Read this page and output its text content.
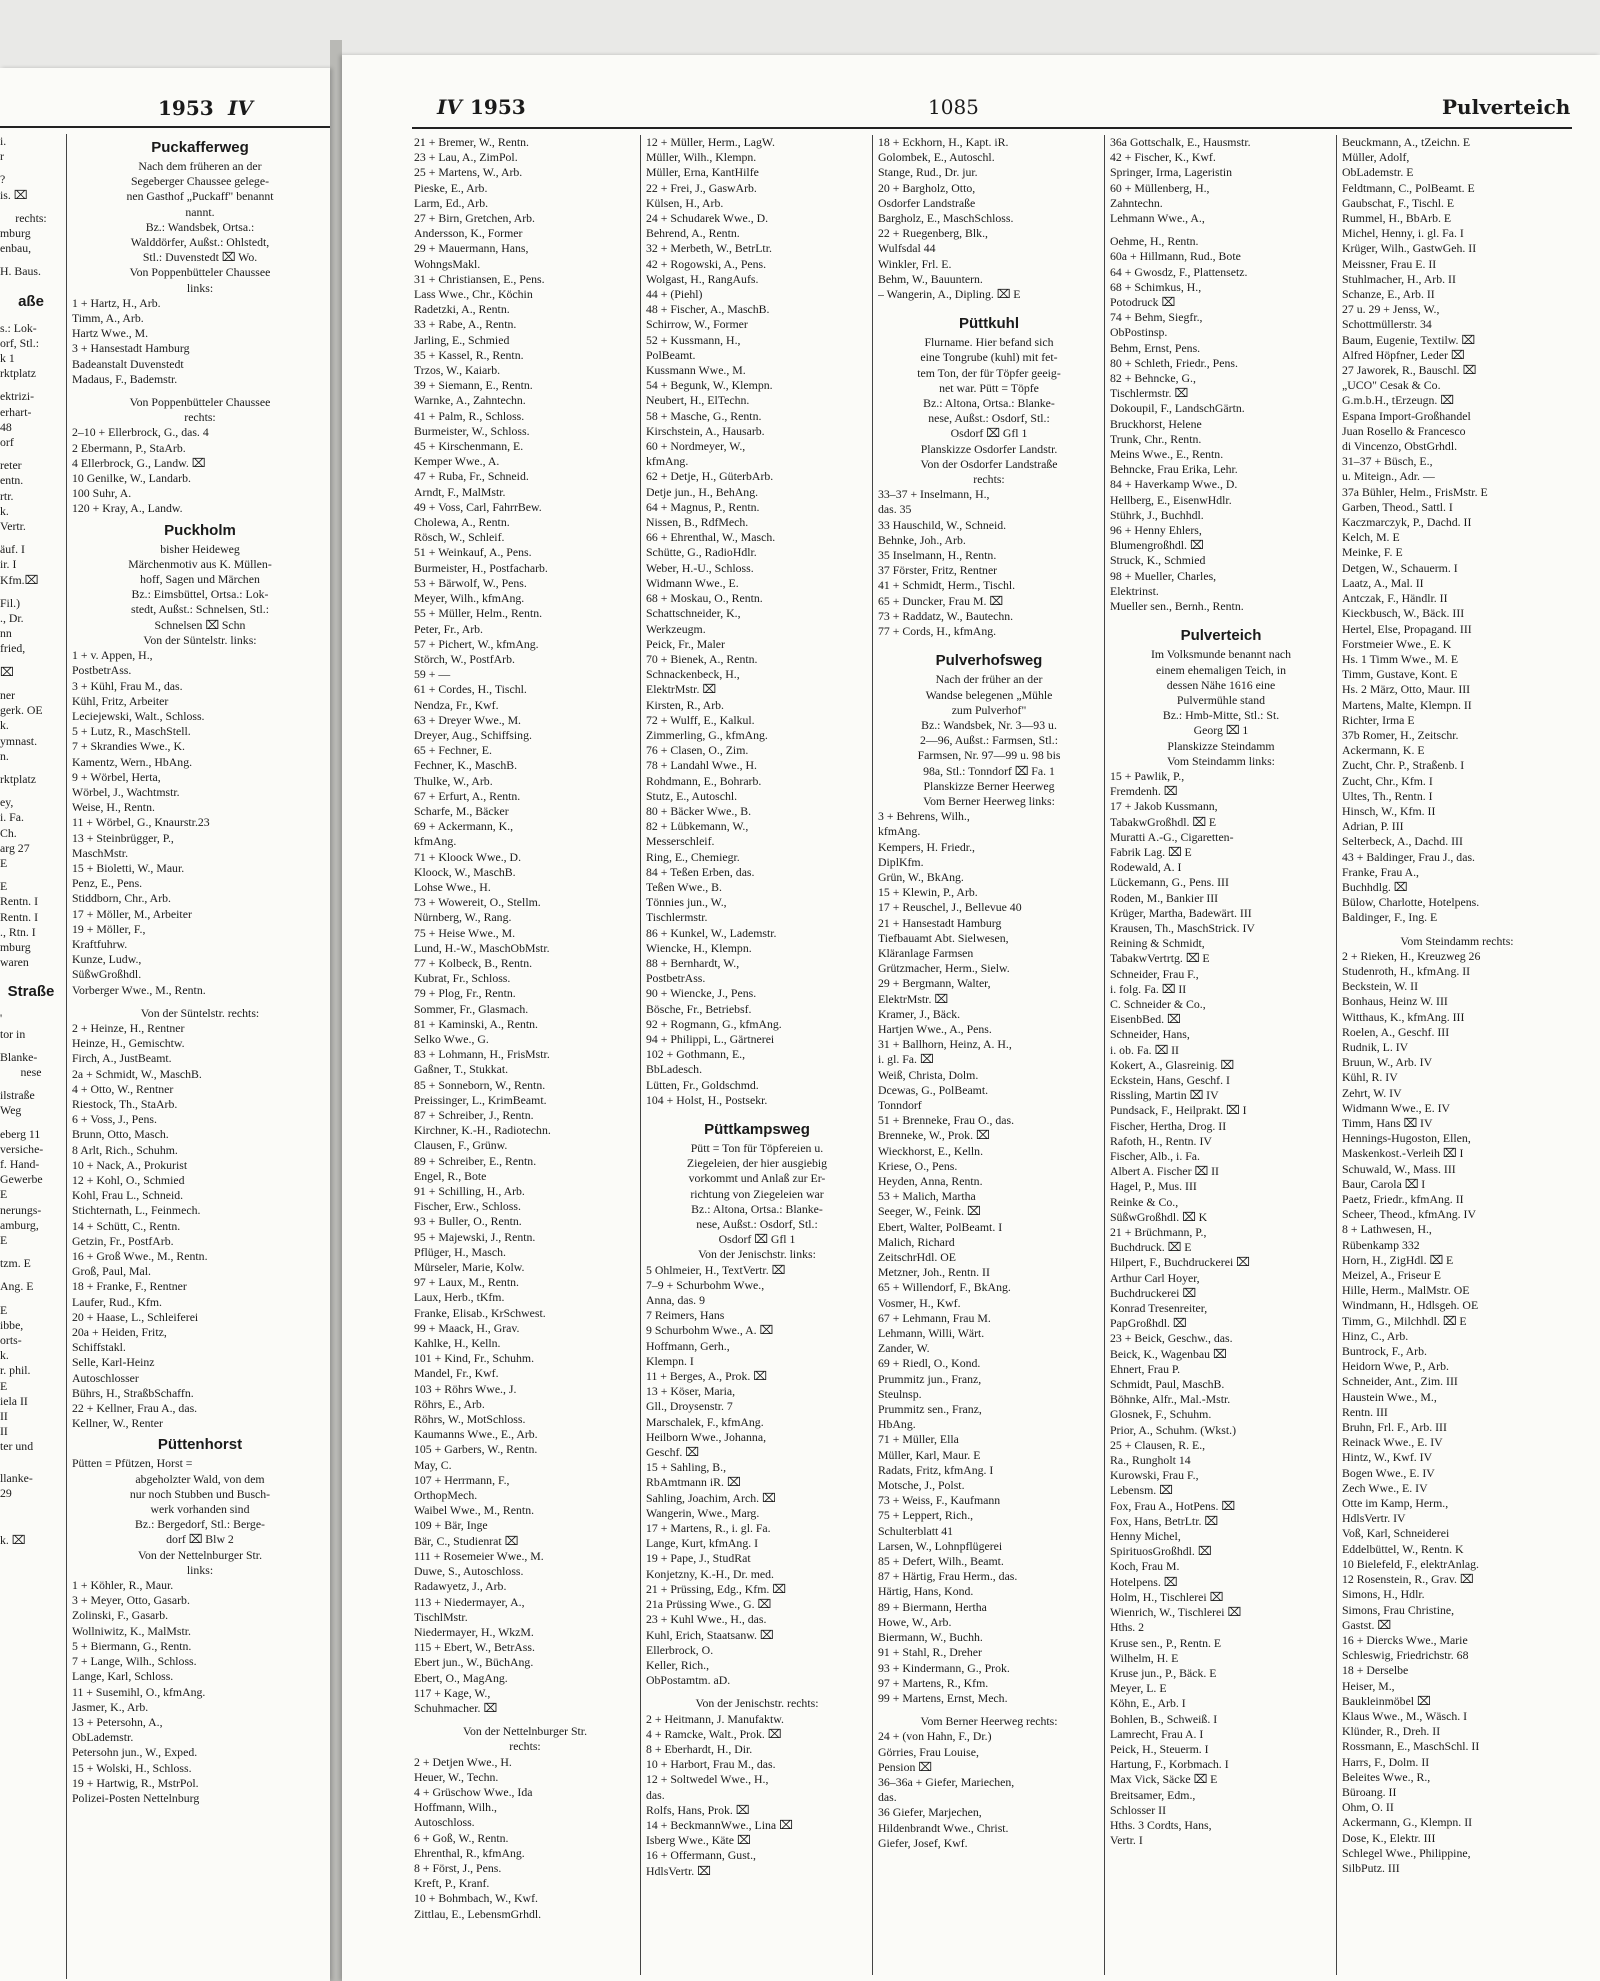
1953 IV
i.
r
?
is. ⌧
rechts:
mburg
enbau,
H. Baus.
aße
s.: Lok-
orf, Stl.:
k 1
rktplatz
ektrizi-
erhart-
48
orf
reter
entn.
rtr.
k.
Vertr.
äuf. I
ir. I
Kfm.⌧
Fil.)
., Dr.
nn
fried,
⌧
ner
gerk. OE
k.
ymnast.
n.
rktplatz
ey,
i. Fa.
Ch.
arg 27
E
E
Rentn. I
Rentn. I
., Rtn. I
mburg
waren
Straße
'
tor in
Blanke-
nese
ilstraße
Weg
eberg 11
versiche-
f. Hand-
Gewerbe
E
nerungs-
amburg,
E
tzm. E
Ang. E
E
ibbe,
orts-
k.
r. phil.
E
iela II
II
II
ter und
llanke-
29
k. ⌧
Puckafferweg
Nach dem früheren an der
Segeberger Chaussee gelege-
nen Gasthof „Puckaff" benannt
nannt.
Bz.: Wandsbek, Ortsa.:
Walddörfer, Außst.: Ohlstedt,
Stl.: Duvenstedt ⌧ Wo.
Von Poppenbütteler Chaussee
links:
1 + Hartz, H., Arb.
Timm, A., Arb.
Hartz Wwe., M.
3 + Hansestadt Hamburg
Badeanstalt Duvenstedt
Madaus, F., Bademstr.
Von Poppenbütteler Chaussee
rechts:
2–10 + Ellerbrock, G., das. 4
2 Ebermann, P., StaArb.
4 Ellerbrock, G., Landw. ⌧
10 Genilke, W., Landarb.
100 Suhr, A.
120 + Kray, A., Landw.
Puckholm
bisher Heideweg
Märchenmotiv aus K. Müllen-
hoff, Sagen und Märchen
Bz.: Eimsbüttel, Ortsa.: Lok-
stedt, Außst.: Schnelsen, Stl.:
Schnelsen ⌧ Schn
Von der Süntelstr. links:
1 + v. Appen, H.,
PostbetrAss.
3 + Kühl, Frau M., das.
Kühl, Fritz, Arbeiter
Leciejewski, Walt., Schloss.
5 + Lutz, R., MaschStell.
7 + Skrandies Wwe., K.
Kamentz, Wern., HbAng.
9 + Wörbel, Herta,
Wörbel, J., Wachtmstr.
Weise, H., Rentn.
11 + Wörbel, G., Knaurstr.23
13 + Steinbrügger, P.,
MaschMstr.
15 + Bioletti, W., Maur.
Penz, E., Pens.
Stiddborn, Chr., Arb.
17 + Möller, M., Arbeiter
19 + Möller, F.,
Kraftfuhrw.
Kunze, Ludw.,
SüßwGroßhdl.
Vorberger Wwe., M., Rentn.
Von der Süntelstr. rechts:
2 + Heinze, H., Rentner
Heinze, H., Gemischtw.
Firch, A., JustBeamt.
2a + Schmidt, W., MaschB.
4 + Otto, W., Rentner
Riestock, Th., StaArb.
6 + Voss, J., Pens.
Brunn, Otto, Masch.
8 Arlt, Rich., Schuhm.
10 + Nack, A., Prokurist
12 + Kohl, O., Schmied
Kohl, Frau L., Schneid.
Stichternath, L., Feinmech.
14 + Schütt, C., Rentn.
Getzin, Fr., PostfArb.
16 + Groß Wwe., M., Rentn.
Groß, Paul, Mal.
18 + Franke, F., Rentner
Laufer, Rud., Kfm.
20 + Haase, L., Schleiferei
20a + Heiden, Fritz,
Schiffstakl.
Selle, Karl-Heinz
Autoschlosser
Bührs, H., StraßbSchaffn.
22 + Kellner, Frau A., das.
Kellner, W., Renter
Püttenhorst
Pütten = Pfützen, Horst =
abgeholzter Wald, von dem
nur noch Stubben und Busch-
werk vorhanden sind
Bz.: Bergedorf, Stl.: Berge-
dorf ⌧ Blw 2
Von der Nettelnburger Str.
links:
1 + Köhler, R., Maur.
3 + Meyer, Otto, Gasarb.
Zolinski, F., Gasarb.
Wollniwitz, K., MalMstr.
5 + Biermann, G., Rentn.
7 + Lange, Wilh., Schloss.
Lange, Karl, Schloss.
11 + Susemihl, O., kfmAng.
Jasmer, K., Arb.
13 + Petersohn, A.,
ObLademstr.
Petersohn jun., W., Exped.
15 + Wolski, H., Schloss.
19 + Hartwig, R., MstrPol.
Polizei-Posten Nettelnburg
IV 1953	1085	Pulverteich
21 + Bremer, W., Rentn.
23 + Lau, A., ZimPol.
25 + Martens, W., Arb.
Pieske, E., Arb.
Larm, Ed., Arb.
27 + Birn, Gretchen, Arb.
Andersson, K., Former
29 + Mauermann, Hans,
WohngsMakl.
31 + Christiansen, E., Pens.
Lass Wwe., Chr., Köchin
Radetzki, A., Rentn.
33 + Rabe, A., Rentn.
Jarling, E., Schmied
35 + Kassel, R., Rentn.
Trzos, W., Kaiarb.
39 + Siemann, E., Rentn.
Warnke, A., Zahntechn.
41 + Palm, R., Schloss.
Burmeister, W., Schloss.
45 + Kirschenmann, E.
Kemper Wwe., A.
47 + Ruba, Fr., Schneid.
Arndt, F., MalMstr.
49 + Voss, Carl, FahrrBew.
Cholewa, A., Rentn.
Rösch, W., Schleif.
51 + Weinkauf, A., Pens.
Burmeister, H., Postfacharb.
53 + Bärwolf, W., Pens.
Meyer, Wilh., kfmAng.
55 + Müller, Helm., Rentn.
Peter, Fr., Arb.
57 + Pichert, W., kfmAng.
Störch, W., PostfArb.
59 + —
61 + Cordes, H., Tischl.
Nendza, Fr., Kwf.
63 + Dreyer Wwe., M.
Dreyer, Aug., Schiffsing.
65 + Fechner, E.
Fechner, K., MaschB.
Thulke, W., Arb.
67 + Erfurt, A., Rentn.
Scharfe, M., Bäcker
69 + Ackermann, K.,
kfmAng.
71 + Kloock Wwe., D.
Kloock, W., MaschB.
Lohse Wwe., H.
73 + Wowereit, O., Stellm.
Nürnberg, W., Rang.
75 + Heise Wwe., M.
Lund, H.-W., MaschObMstr.
77 + Kolbeck, B., Rentn.
Kubrat, Fr., Schloss.
79 + Plog, Fr., Rentn.
Sommer, Fr., Glasmach.
81 + Kaminski, A., Rentn.
Selko Wwe., G.
83 + Lohmann, H., FrisMstr.
Gaßner, T., Stukkat.
85 + Sonneborn, W., Rentn.
Preissinger, L., KrimBeamt.
87 + Schreiber, J., Rentn.
Kirchner, K.-H., Radiotechn.
Clausen, F., Grünw.
89 + Schreiber, E., Rentn.
Engel, R., Bote
91 + Schilling, H., Arb.
Fischer, Erw., Schloss.
93 + Buller, O., Rentn.
95 + Majewski, J., Rentn.
Pflüger, H., Masch.
Mürseler, Marie, Kolw.
97 + Laux, M., Rentn.
Laux, Herb., tKfm.
Franke, Elisab., KrSchwest.
99 + Maack, H., Grav.
Kahlke, H., Kelln.
101 + Kind, Fr., Schuhm.
Mandel, Fr., Kwf.
103 + Röhrs Wwe., J.
Röhrs, E., Arb.
Röhrs, W., MotSchloss.
Kaumanns Wwe., E., Arb.
105 + Garbers, W., Rentn.
May, C.
107 + Herrmann, F.,
OrthopMech.
Waibel Wwe., M., Rentn.
109 + Bär, Inge
Bär, C., Studienrat ⌧
111 + Rosemeier Wwe., M.
Duwe, S., Autoschloss.
Radawyetz, J., Arb.
113 + Niedermayer, A.,
TischlMstr.
Niedermayer, H., WkzM.
115 + Ebert, W., BetrAss.
Ebert jun., W., BüchAng.
Ebert, O., MagAng.
117 + Kage, W.,
Schuhmacher. ⌧
Von der Nettelnburger Str.
rechts:
2 + Detjen Wwe., H.
Heuer, W., Techn.
4 + Grüschow Wwe., Ida
Hoffmann, Wilh.,
Autoschloss.
6 + Goß, W., Rentn.
Ehrenthal, R., kfmAng.
8 + Först, J., Pens.
Kreft, P., Kranf.
10 + Bohmbach, W., Kwf.
Zittlau, E., LebensmGrhdl.
12 + Müller, Herm., LagW.
Müller, Wilh., Klempn.
Müller, Erna, KantHilfe
22 + Frei, J., GaswArb.
Külsen, H., Arb.
24 + Schudarek Wwe., D.
Behrend, A., Rentn.
32 + Merbeth, W., BetrLtr.
42 + Rogowski, A., Pens.
Wolgast, H., RangAufs.
44 + (Piehl)
48 + Fischer, A., MaschB.
Schirrow, W., Former
52 + Kussmann, H.,
PolBeamt.
Kussmann Wwe., M.
54 + Begunk, W., Klempn.
Neubert, H., ElTechn.
58 + Masche, G., Rentn.
Kirschstein, A., Hausarb.
60 + Nordmeyer, W.,
kfmAng.
62 + Detje, H., GüterbArb.
Detje jun., H., BehAng.
64 + Magnus, P., Rentn.
Nissen, B., RdfMech.
66 + Ehrenthal, W., Masch.
Schütte, G., RadioHdlr.
Weber, H.-U., Schloss.
Widmann Wwe., E.
68 + Moskau, O., Rentn.
Schattschneider, K.,
Werkzeugm.
Peick, Fr., Maler
70 + Bienek, A., Rentn.
Schnackenbeck, H.,
ElektrMstr. ⌧
Kirsten, R., Arb.
72 + Wulff, E., Kalkul.
Zimmerling, G., kfmAng.
76 + Clasen, O., Zim.
78 + Landahl Wwe., H.
Rohdmann, E., Bohrarb.
Stutz, E., Autoschl.
80 + Bäcker Wwe., B.
82 + Lübkemann, W.,
Messerschleif.
Ring, E., Chemiegr.
84 + Teßen Erben, das.
Teßen Wwe., B.
Tönnies jun., W.,
Tischlermstr.
86 + Kunkel, W., Lademstr.
Wiencke, H., Klempn.
88 + Bernhardt, W.,
PostbetrAss.
90 + Wiencke, J., Pens.
Bösche, Fr., Betriebsf.
92 + Rogmann, G., kfmAng.
94 + Philippi, L., Gärtnerei
102 + Gothmann, E.,
BbLadesch.
Lütten, Fr., Goldschmd.
104 + Holst, H., Postsekr.
Püttkampsweg
Pütt = Ton für Töpfereien u.
Ziegeleien, der hier ausgiebig
vorkommt und Anlaß zur Er-
richtung von Ziegeleien war
Bz.: Altona, Ortsa.: Blanke-
nese, Außst.: Osdorf, Stl.:
Osdorf ⌧ Gfl 1
Von der Jenischstr. links:
5 Ohlmeier, H., TextVertr. ⌧
7–9 + Schurbohm Wwe.,
Anna, das. 9
7 Reimers, Hans
9 Schurbohm Wwe., A. ⌧
Hoffmann, Gerh.,
Klempn. I
11 + Berges, A., Prok. ⌧
13 + Köser, Maria,
Gll., Droysenstr. 7
Marschalek, F., kfmAng.
Heilborn Wwe., Johanna,
Geschf. ⌧
15 + Sahling, B.,
RbAmtmann iR. ⌧
Sahling, Joachim, Arch. ⌧
Wangerin, Wwe., Marg.
17 + Martens, R., i. gl. Fa.
Lange, Kurt, kfmAng. I
19 + Pape, J., StudRat
Konjetzny, K.-H., Dr. med.
21 + Prüssing, Edg., Kfm. ⌧
21a Prüssing Wwe., G. ⌧
23 + Kuhl Wwe., H., das.
Kuhl, Erich, Staatsanw. ⌧
Ellerbrock, O.
Keller, Rich.,
ObPostamtm. aD.
Von der Jenischstr. rechts:
2 + Heitmann, J. Manufaktw.
4 + Ramcke, Walt., Prok. ⌧
8 + Eberhardt, H., Dir.
10 + Harbort, Frau M., das.
12 + Soltwedel Wwe., H.,
das.
Rolfs, Hans, Prok. ⌧
14 + BeckmannWwe., Lina ⌧
Isberg Wwe., Käte ⌧
16 + Offermann, Gust.,
HdlsVertr. ⌧
18 + Eckhorn, H., Kapt. iR.
Golombek, E., Autoschl.
Stange, Rud., Dr. jur.
20 + Bargholz, Otto,
Osdorfer Landstraße
Bargholz, E., MaschSchloss.
22 + Ruegenberg, Blk.,
Wulfsdal 44
Winkler, Frl. E.
Behm, W., Bauuntern.
– Wangerin, A., Dipling. ⌧ E
Püttkuhl
Flurname. Hier befand sich
eine Tongrube (kuhl) mit fet-
tem Ton, der für Töpfer geeig-
net war. Pütt = Töpfe
Bz.: Altona, Ortsa.: Blanke-
nese, Außst.: Osdorf, Stl.:
Osdorf ⌧ Gfl 1
Planskizze Osdorfer Landstr.
Von der Osdorfer Landstraße
rechts:
33–37 + Inselmann, H.,
das. 35
33 Hauschild, W., Schneid.
Behnke, Joh., Arb.
35 Inselmann, H., Rentn.
37 Förster, Fritz, Rentner
41 + Schmidt, Herm., Tischl.
65 + Duncker, Frau M. ⌧
73 + Raddatz, W., Bautechn.
77 + Cords, H., kfmAng.
Pulverhofsweg
Nach der früher an der
Wandse belegenen „Mühle
zum Pulverhof"
Bz.: Wandsbek, Nr. 3—93 u.
2—96, Außst.: Farmsen, Stl.:
Farmsen, Nr. 97—99 u. 98 bis
98a, Stl.: Tonndorf ⌧ Fa. 1
Planskizze Berner Heerweg
Vom Berner Heerweg links:
3 + Behrens, Wilh.,
kfmAng.
Kempers, H. Friedr.,
DiplKfm.
Grün, W., BkAng.
15 + Klewin, P., Arb.
17 + Reuschel, J., Bellevue 40
21 + Hansestadt Hamburg
Tiefbauamt Abt. Sielwesen,
Kläranlage Farmsen
Grützmacher, Herm., Sielw.
29 + Bergmann, Walter,
ElektrMstr. ⌧
Kramer, J., Bäck.
Hartjen Wwe., A., Pens.
31 + Ballhorn, Heinz, A. H.,
i. gl. Fa. ⌧
Weiß, Christa, Dolm.
Dcewas, G., PolBeamt.
Tonndorf
51 + Brenneke, Frau O., das.
Brenneke, W., Prok. ⌧
Wieckhorst, E., Kelln.
Kriese, O., Pens.
Heyden, Anna, Rentn.
53 + Malich, Martha
Seeger, W., Feink. ⌧
Ebert, Walter, PolBeamt. I
Malich, Richard
ZeitschrHdl. OE
Metzner, Joh., Rentn. II
65 + Willendorf, F., BkAng.
Vosmer, H., Kwf.
67 + Lehmann, Frau M.
Lehmann, Willi, Wärt.
Zander, W.
69 + Riedl, O., Kond.
Prummitz jun., Franz,
Steulnsp.
Prummitz sen., Franz,
HbAng.
71 + Müller, Ella
Müller, Karl, Maur. E
Radats, Fritz, kfmAng. I
Motsche, J., Polst.
73 + Weiss, F., Kaufmann
75 + Leppert, Rich.,
Schulterblatt 41
Larsen, W., Lohnpflügerei
85 + Defert, Wilh., Beamt.
87 + Härtig, Frau Herm., das.
Härtig, Hans, Kond.
89 + Biermann, Hertha
Howe, W., Arb.
Biermann, W., Buchh.
91 + Stahl, R., Dreher
93 + Kindermann, G., Prok.
97 + Martens, R., Kfm.
99 + Martens, Ernst, Mech.
Vom Berner Heerweg rechts:
24 + (von Hahn, F., Dr.)
Görries, Frau Louise,
Pension ⌧
36–36a + Giefer, Mariechen,
das.
36 Giefer, Marjechen,
Hildenbrandt Wwe., Christ.
Giefer, Josef, Kwf.
36a Gottschalk, E., Hausmstr.
42 + Fischer, K., Kwf.
Springer, Irma, Lageristin
60 + Müllenberg, H.,
Zahntechn.
Lehmann Wwe., A.,
Oehme, H., Rentn.
60a + Hillmann, Rud., Bote
64 + Gwosdz, F., Plattensetz.
68 + Schimkus, H.,
Potodruck ⌧
74 + Behm, Siegfr.,
ObPostinsp.
Behm, Ernst, Pens.
80 + Schleth, Friedr., Pens.
82 + Behncke, G.,
Tischlermstr. ⌧
Dokoupil, F., LandschGärtn.
Bruckhorst, Helene
Trunk, Chr., Rentn.
Meins Wwe., E., Rentn.
Behncke, Frau Erika, Lehr.
84 + Haverkamp Wwe., D.
Hellberg, E., EisenwHdlr.
Stührk, J., Buchhdl.
96 + Henny Ehlers,
Blumengroßhdl. ⌧
Struck, K., Schmied
98 + Mueller, Charles,
Elektrinst.
Mueller sen., Bernh., Rentn.
Pulverteich
Im Volksmunde benannt nach
einem ehemaligen Teich, in
dessen Nähe 1616 eine
Pulvermühle stand
Bz.: Hmb-Mitte, Stl.: St.
Georg ⌧ 1
Planskizze Steindamm
Vom Steindamm links:
15 + Pawlik, P.,
Fremdenh. ⌧
17 + Jakob Kussmann,
TabakwGroßhdl. ⌧ E
Muratti A.-G., Cigaretten-
Fabrik Lag. ⌧ E
Rodewald, A. I
Lückemann, G., Pens. III
Roden, M., Bankier III
Krüger, Martha, Badewärt. III
Krausen, Th., MaschStrick. IV
Reining & Schmidt,
TabakwVertrtg. ⌧ E
Schneider, Frau F.,
i. folg. Fa. ⌧ II
C. Schneider & Co.,
EisenbBed. ⌧
Schneider, Hans,
i. ob. Fa. ⌧ II
Kokert, A., Glasreinig. ⌧
Eckstein, Hans, Geschf. I
Rissling, Martin ⌧ IV
Pundsack, F., Heilprakt. ⌧ I
Fischer, Hertha, Drog. II
Rafoth, H., Rentn. IV
Fischer, Alb., i. Fa.
Albert A. Fischer ⌧ II
Hagel, P., Mus. III
Reinke & Co.,
SüßwGroßhdl. ⌧ K
21 + Brüchmann, P.,
Buchdruck. ⌧ E
Hilpert, F., Buchdruckerei ⌧
Arthur Carl Hoyer,
Buchdruckerei ⌧
Konrad Tresenreiter,
PapGroßhdl. ⌧
23 + Beick, Geschw., das.
Beick, K., Wagenbau ⌧
Ehnert, Frau P.
Schmidt, Paul, MaschB.
Böhnke, Alfr., Mal.-Mstr.
Glosnek, F., Schuhm.
Prior, A., Schuhm. (Wkst.)
25 + Clausen, R. E.,
Ra., Rungholt 14
Kurowski, Frau F.,
Lebensm. ⌧
Fox, Frau A., HotPens. ⌧
Fox, Hans, BetrLtr. ⌧
Henny Michel,
SpirituosGroßhdl. ⌧
Koch, Frau M.
Hotelpens. ⌧
Holm, H., Tischlerei ⌧
Wienrich, W., Tischlerei ⌧
Hths. 2
Kruse sen., P., Rentn. E
Wilhelm, H. E
Kruse jun., P., Bäck. E
Meyer, L. E
Köhn, E., Arb. I
Bohlen, B., Schweiß. I
Lamrecht, Frau A. I
Peick, H., Steuerm. I
Hartung, F., Korbmach. I
Max Vick, Säcke ⌧ E
Breitsamer, Edm.,
Schlosser II
Hths. 3 Cordts, Hans,
Vertr. I
Beuckmann, A., tZeichn. E
Müller, Adolf,
ObLademstr. E
Feldtmann, C., PolBeamt. E
Gaubschat, F., Tischl. E
Rummel, H., BbArb. E
Michel, Henny, i. gl. Fa. I
Krüger, Wilh., GastwGeh. II
Meissner, Frau E. II
Stuhlmacher, H., Arb. II
Schanze, E., Arb. II
27 u. 29 + Jenss, W.,
Schottmüllerstr. 34
Baum, Eugenie, Textilw. ⌧
Alfred Höpfner, Leder ⌧
27 Jaworek, R., Bauschl. ⌧
„UCO" Cesak & Co.
G.m.b.H., tErzeugn. ⌧
Espana Import-Großhandel
Juan Rosello & Francesco
di Vincenzo, ObstGrhdl.
31–37 + Büsch, E.,
u. Miteign., Adr. —
37a Bühler, Helm., FrisMstr. E
Garben, Theod., Sattl. I
Kaczmarczyk, P., Dachd. II
Kelch, M. E
Meinke, F. E
Detgen, W., Schauerm. I
Laatz, A., Mal. II
Antczak, F., Händlr. II
Kieckbusch, W., Bäck. III
Hertel, Else, Propagand. III
Forstmeier Wwe., E. K
Hs. 1 Timm Wwe., M. E
Timm, Gustave, Kont. E
Hs. 2 März, Otto, Maur. III
Martens, Malte, Klempn. II
Richter, Irma E
37b Romer, H., Zeitschr.
Ackermann, K. E
Zucht, Chr. P., Straßenb. I
Zucht, Chr., Kfm. I
Ultes, Th., Rentn. I
Hinsch, W., Kfm. II
Adrian, P. III
Selterbeck, A., Dachd. III
43 + Baldinger, Frau J., das.
Franke, Frau A.,
Buchhdlg. ⌧
Bülow, Charlotte, Hotelpens.
Baldinger, F., Ing. E
Vom Steindamm rechts:
2 + Rieken, H., Kreuzweg 26
Studenroth, H., kfmAng. II
Beckstein, W. II
Bonhaus, Heinz W. III
Witthaus, K., kfmAng. III
Roelen, A., Geschf. III
Rudnik, L. IV
Bruun, W., Arb. IV
Kühl, R. IV
Zehrt, W. IV
Widmann Wwe., E. IV
Timm, Hans ⌧ IV
Hennings-Hugoston, Ellen,
Maskenkost.-Verleih ⌧ I
Schuwald, W., Mass. III
Baur, Carola ⌧ I
Paetz, Friedr., kfmAng. II
Scheer, Theod., kfmAng. IV
8 + Lathwesen, H.,
Rübenkamp 332
Horn, H., ZigHdl. ⌧ E
Meizel, A., Friseur E
Hille, Herm., MalMstr. OE
Windmann, H., Hdlsgeh. OE
Timm, G., Milchhdl. ⌧ E
Hinz, C., Arb.
Buntrock, F., Arb.
Heidorn Wwe, P., Arb.
Schneider, Ant., Zim. III
Haustein Wwe., M.,
Rentn. III
Bruhn, Frl. F., Arb. III
Reinack Wwe., E. IV
Hintz, W., Kwf. IV
Bogen Wwe., E. IV
Zech Wwe., E. IV
Otte im Kamp, Herm.,
HdlsVertr. IV
Voß, Karl, Schneiderei
Eddelbüttel, W., Rentn. K
10 Bielefeld, F., elektrAnlag.
12 Rosenstein, R., Grav. ⌧
Simons, H., Hdlr.
Simons, Frau Christine,
Gastst. ⌧
16 + Diercks Wwe., Marie
Schleswig, Friedrichstr. 68
18 + Derselbe
Heiser, M.,
Baukleinmöbel ⌧
Klaus Wwe., M., Wäsch. I
Klünder, R., Dreh. II
Rossmann, E., MaschSchl. II
Harrs, F., Dolm. II
Beleites Wwe., R.,
Büroang. II
Ohm, O. II
Ackermann, G., Klempn. II
Dose, K., Elektr. III
Schlegel Wwe., Philippine,
SilbPutz. III
